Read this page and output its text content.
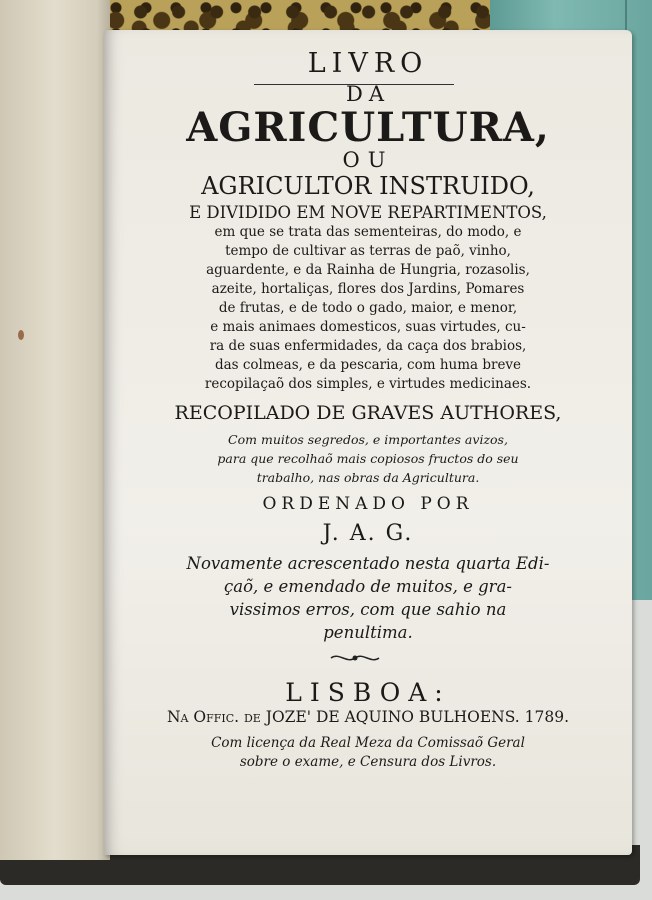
LIVRO
DA
AGRICULTURA,
OU
AGRICULTOR INSTRUIDO,
E DIVIDIDO EM NOVE REPARTIMENTOS,
em que se trata das sementeiras, do modo, e
tempo de cultivar as terras de paõ, vinho,
aguardente, e da Rainha de Hungria, rozasolis,
azeite, hortaliças, flores dos Jardins, Pomares
de frutas, e de todo o gado, maior, e menor,
e mais animaes domesticos, suas virtudes, cu-
ra de suas enfermidades, da caça dos brabios,
das colmeas, e da pescaria, com huma breve
recopilaçaõ dos simples, e virtudes medicinaes.
RECOPILADO DE GRAVES AUTHORES,
Com muitos segredos, e importantes avizos,
para que recolhaõ mais copiosos fructos do seu
trabalho, nas obras da Agricultura.
ORDENADO POR
J. A. G.
Novamente acrescentado nesta quarta Edi-
çaõ, e emendado de muitos, e gra-
vissimos erros, com que sahio na
penultima.
LISBOA:
Na Offic. de JOZE' DE AQUINO BULHOENS. 1789.
Com licença da Real Meza da Comissaõ Geral
sobre o exame, e Censura dos Livros.
